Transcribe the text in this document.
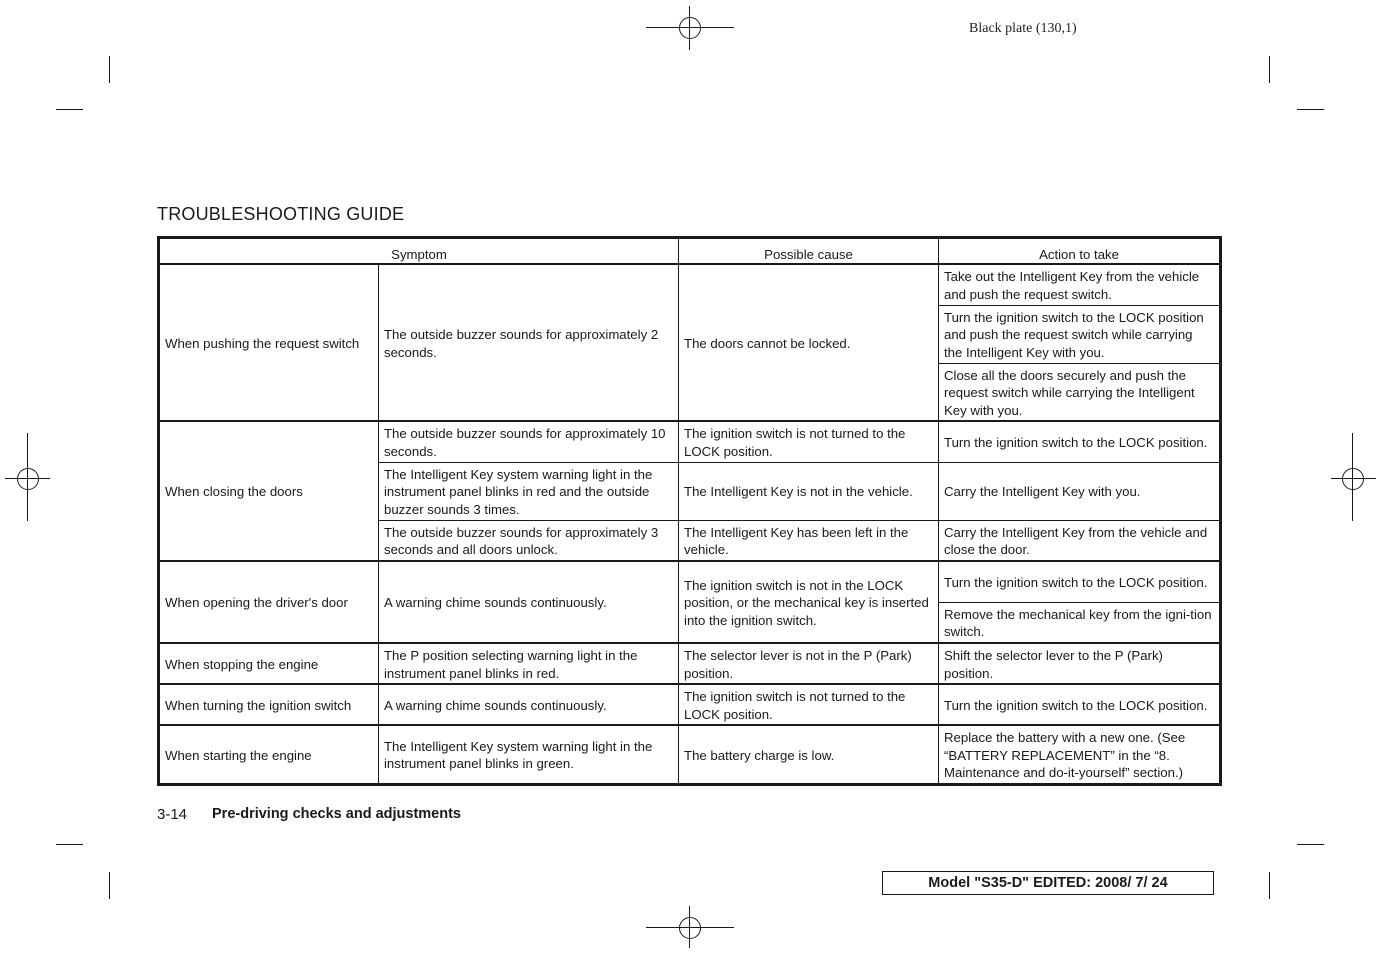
Black plate (130,1)
TROUBLESHOOTING GUIDE
Symptom		Possible cause	Action to take
When pushing the request switch	The outside buzzer sounds for approximately 2 seconds.	The doors cannot be locked.	Take out the Intelligent Key from the vehicle and push the request switch.
			Turn the ignition switch to the LOCK position and push the request switch while carrying the Intelligent Key with you.
			Close all the doors securely and push the request switch while carrying the Intelligent Key with you.
When closing the doors	The outside buzzer sounds for approximately 10 seconds.	The ignition switch is not turned to the LOCK position.	Turn the ignition switch to the LOCK position.
	The Intelligent Key system warning light in the instrument panel blinks in red and the outside buzzer sounds 3 times.	The Intelligent Key is not in the vehicle.	Carry the Intelligent Key with you.
	The outside buzzer sounds for approximately 3 seconds and all doors unlock.	The Intelligent Key has been left in the vehicle.	Carry the Intelligent Key from the vehicle and close the door.
When opening the driver's door	A warning chime sounds continuously.	The ignition switch is not in the LOCK position, or the mechanical key is inserted into the ignition switch.	Turn the ignition switch to the LOCK position.
			Remove the mechanical key from the igni-tion switch.
When stopping the engine	The P position selecting warning light in the instrument panel blinks in red.	The selector lever is not in the P (Park) position.	Shift the selector lever to the P (Park) position.
When turning the ignition switch	A warning chime sounds continuously.	The ignition switch is not turned to the LOCK position.	Turn the ignition switch to the LOCK position.
When starting the engine	The Intelligent Key system warning light in the instrument panel blinks in green.	The battery charge is low.	Replace the battery with a new one. (See “BATTERY REPLACEMENT” in the “8. Maintenance and do-it-yourself” section.)
3-14 Pre-driving checks and adjustments
Model "S35-D" EDITED: 2008/ 7/ 24
